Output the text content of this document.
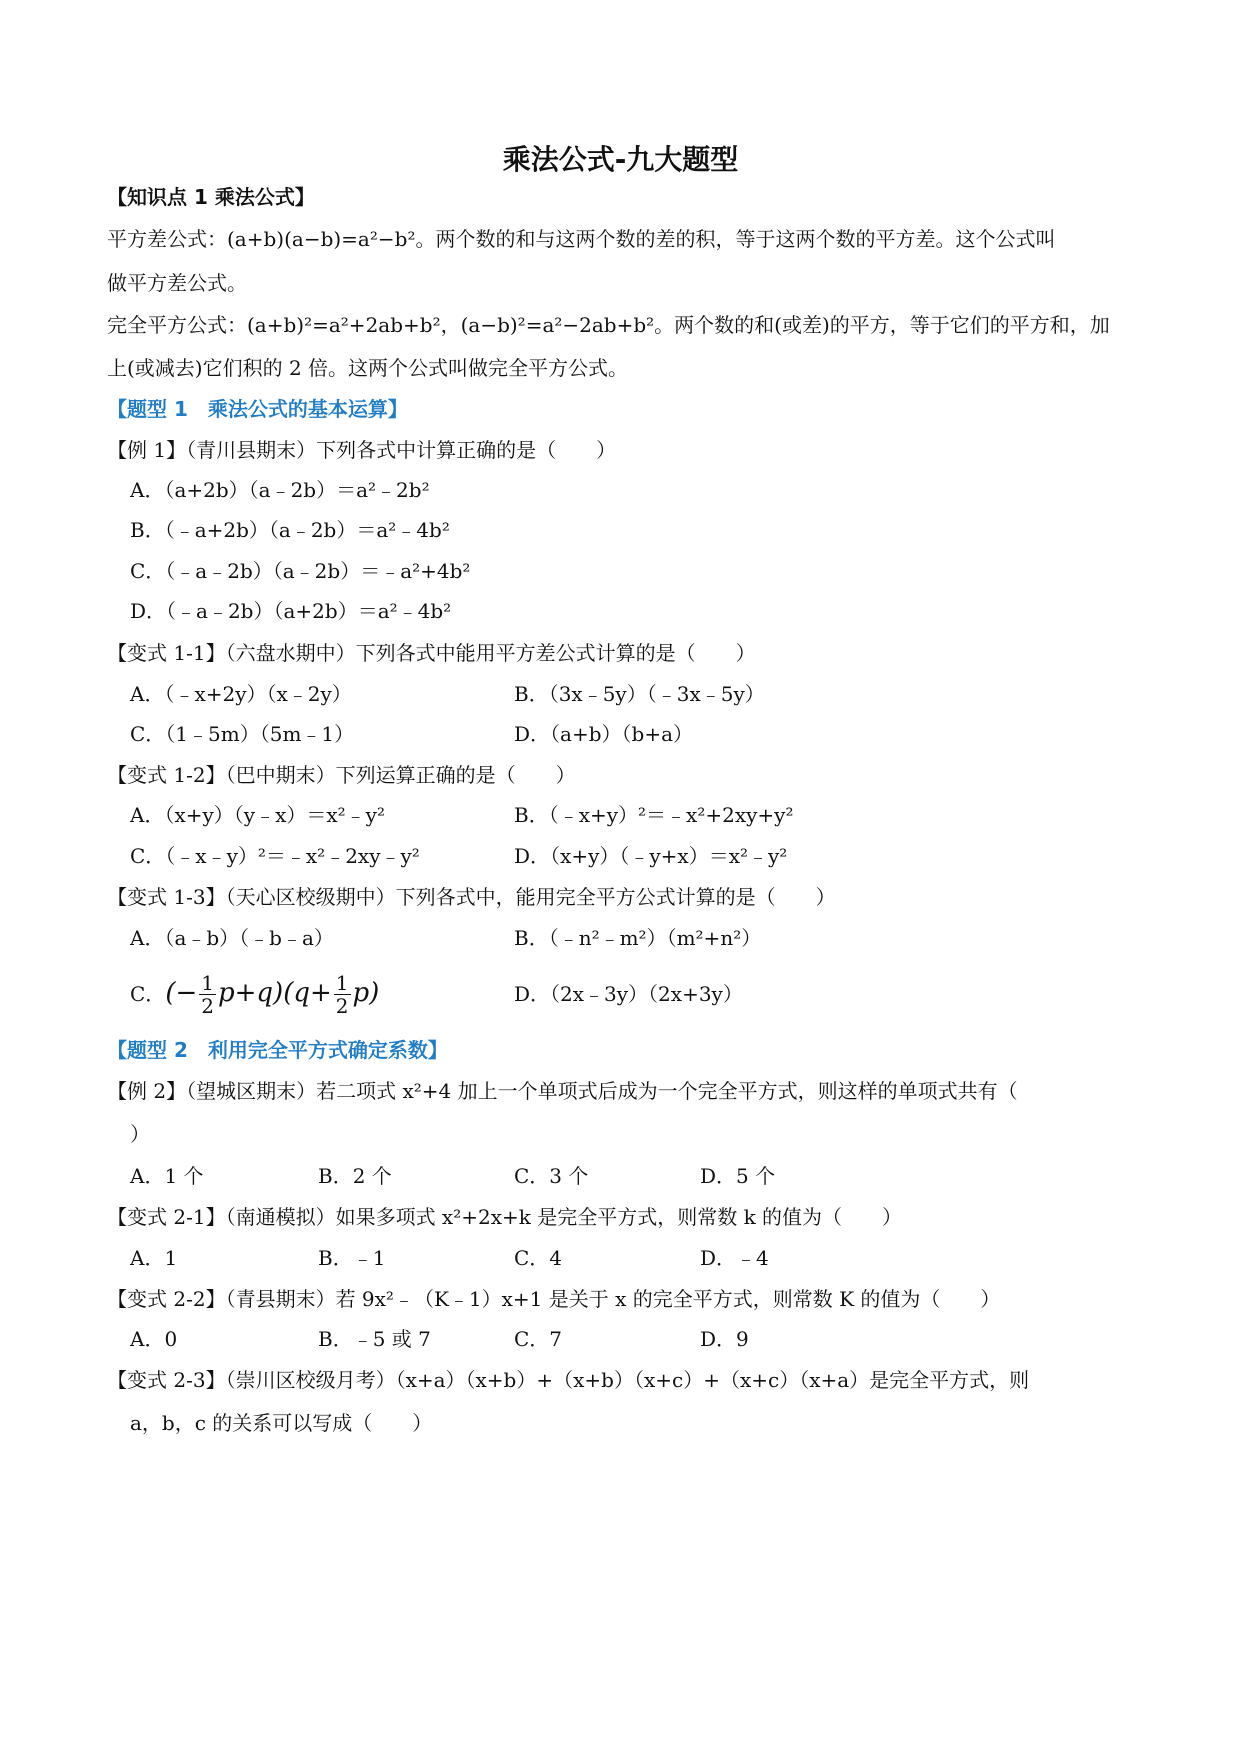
乘法公式-九大题型
【知识点 1 乘法公式】
平方差公式：(a+b)(a−b)=a²−b²。两个数的和与这两个数的差的积，等于这两个数的平方差。这个公式叫
做平方差公式。
完全平方公式：(a+b)²=a²+2ab+b²，(a−b)²=a²−2ab+b²。两个数的和(或差)的平方，等于它们的平方和，加
上(或减去)它们积的 2 倍。这两个公式叫做完全平方公式。
【题型 1　乘法公式的基本运算】
【例 1】（青川县期末）下列各式中计算正确的是（　　）
A．（a+2b）（a﹣2b）＝a²﹣2b²
B．（﹣a+2b）（a﹣2b）＝a²﹣4b²
C．（﹣a﹣2b）（a﹣2b）＝﹣a²+4b²
D．（﹣a﹣2b）（a+2b）＝a²﹣4b²
【变式 1-1】（六盘水期中）下列各式中能用平方差公式计算的是（　　）
A．（﹣x+2y）（x﹣2y）	B．（3x﹣5y）（﹣3x﹣5y）
C．（1﹣5m）（5m﹣1）	D．（a+b）（b+a）
【变式 1-2】（巴中期末）下列运算正确的是（　　）
A．（x+y）（y﹣x）＝x²﹣y²	B．（﹣x+y）²＝﹣x²+2xy+y²
C．（﹣x﹣y）²＝﹣x²﹣2xy﹣y²	D．（x+y）（﹣y+x）＝x²﹣y²
【变式 1-3】（天心区校级期中）下列各式中，能用完全平方公式计算的是（　　）
A．（a﹣b）（﹣b﹣a）	B．（﹣n²﹣m²）（m²+n²）
C．(− $\frac{1}{2} p+q)(q+ \frac{1}{2} p)$	D．（2x﹣3y）（2x+3y）
【题型 2　利用完全平方式确定系数】
【例 2】（望城区期末）若二项式 x²+4 加上一个单项式后成为一个完全平方式，则这样的单项式共有（
）
A．1 个	B．2 个	C．3 个	D．5 个
【变式 2-1】（南通模拟）如果多项式 x²+2x+k 是完全平方式，则常数 k 的值为（　　）
A．1	B．﹣1	C．4	D．﹣4
【变式 2-2】（青县期末）若 9x²﹣（K﹣1）x+1 是关于 x 的完全平方式，则常数 K 的值为（　　）
A．0	B．﹣5 或 7	C．7	D．9
【变式 2-3】（崇川区校级月考）（x+a）（x+b）+（x+b）（x+c）+（x+c）（x+a）是完全平方式，则
a，b，c 的关系可以写成（　　）
